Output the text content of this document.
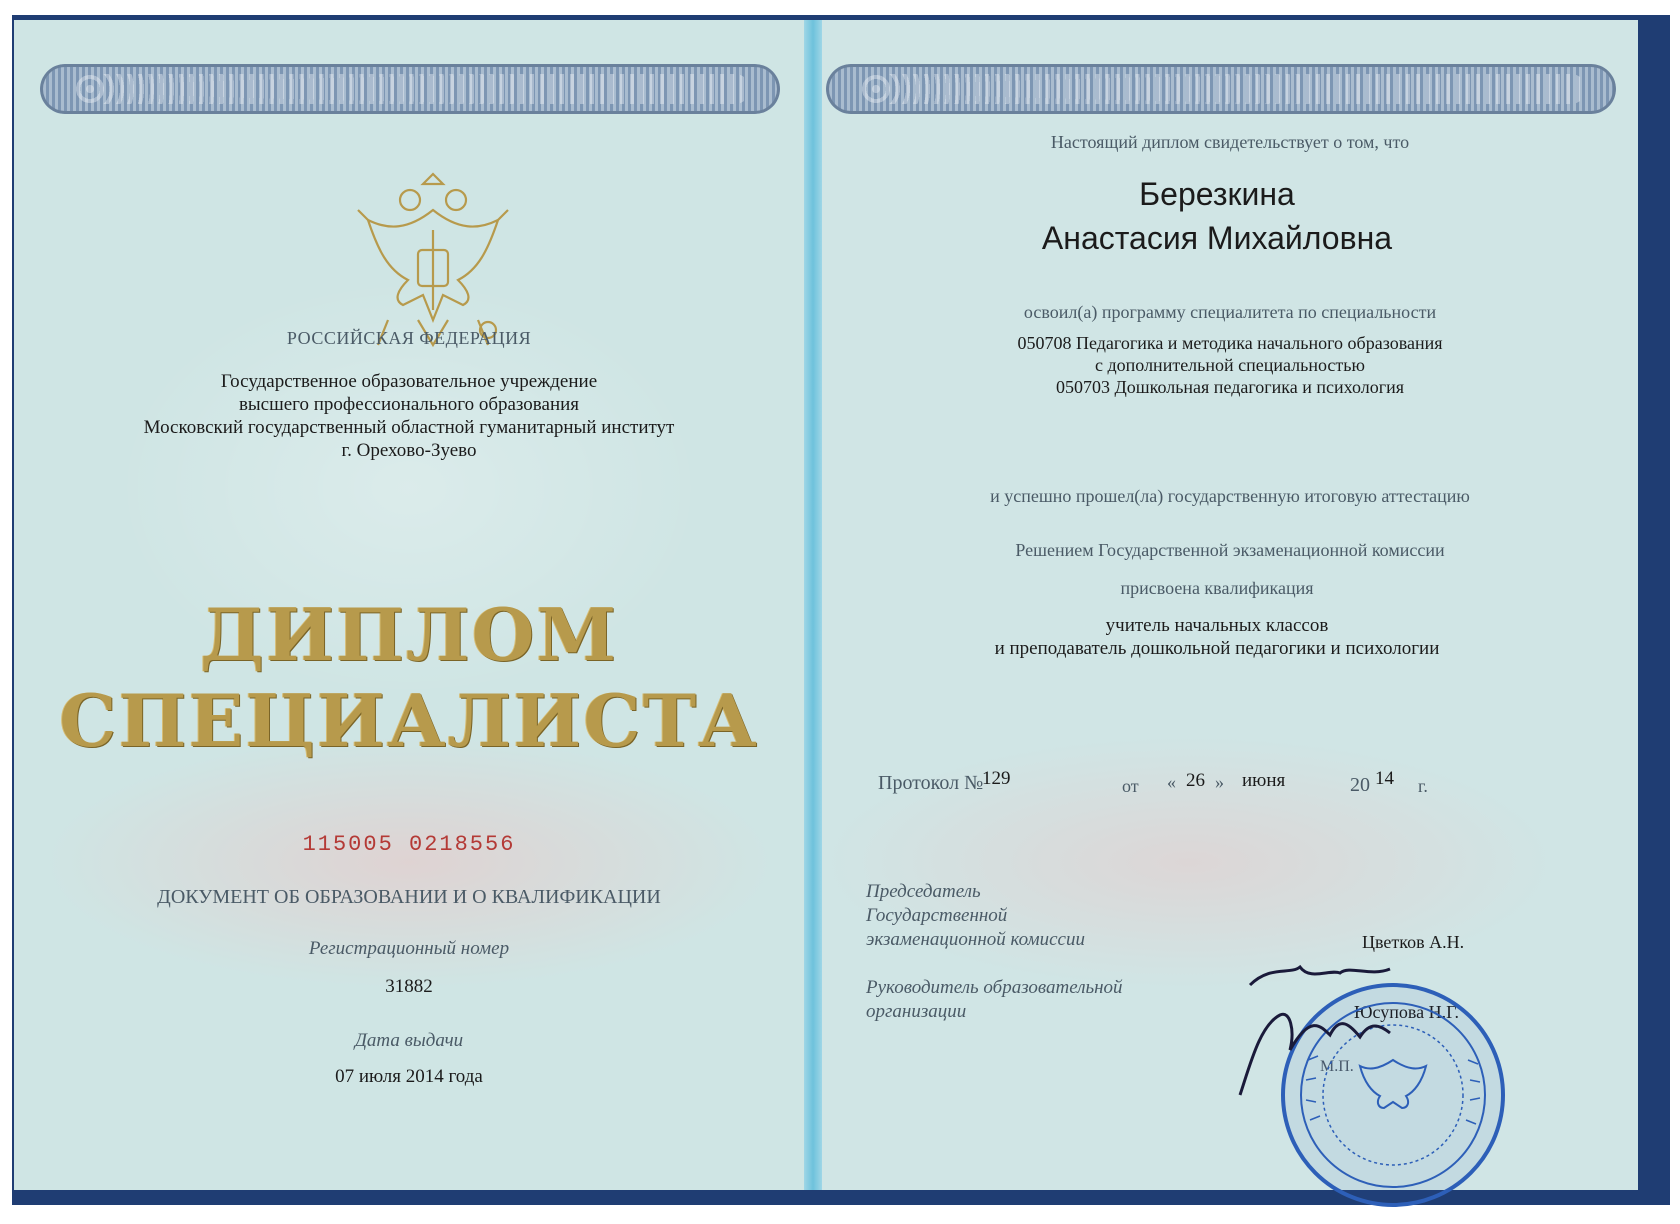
РОССИЙСКАЯ ФЕДЕРАЦИЯ
Государственное образовательное учреждение
высшего профессионального образования
Московский государственный областной гуманитарный институт
г. Орехово-Зуево
ДИПЛОМ
СПЕЦИАЛИСТА
115005 0218556
ДОКУМЕНТ ОБ ОБРАЗОВАНИИ И О КВАЛИФИКАЦИИ
Регистрационный номер
31882
Дата выдачи
07 июля 2014 года
Настоящий диплом свидетельствует о том, что
Березкина
Анастасия Михайловна
освоил(а) программу специалитета по специальности
050708 Педагогика и методика начального образования
с дополнительной специальностью
050703 Дошкольная педагогика и психология
и успешно прошел(ла) государственную итоговую аттестацию
Решением Государственной экзаменационной комиссии
присвоена квалификация
учитель начальных классов
и преподаватель дошкольной педагогики и психологии
Протокол №
129	от « 26 » июня	20 14 г.
Председатель
Государственной
экзаменационной комиссии	Цветков А.Н.
Руководитель образовательной
организации
